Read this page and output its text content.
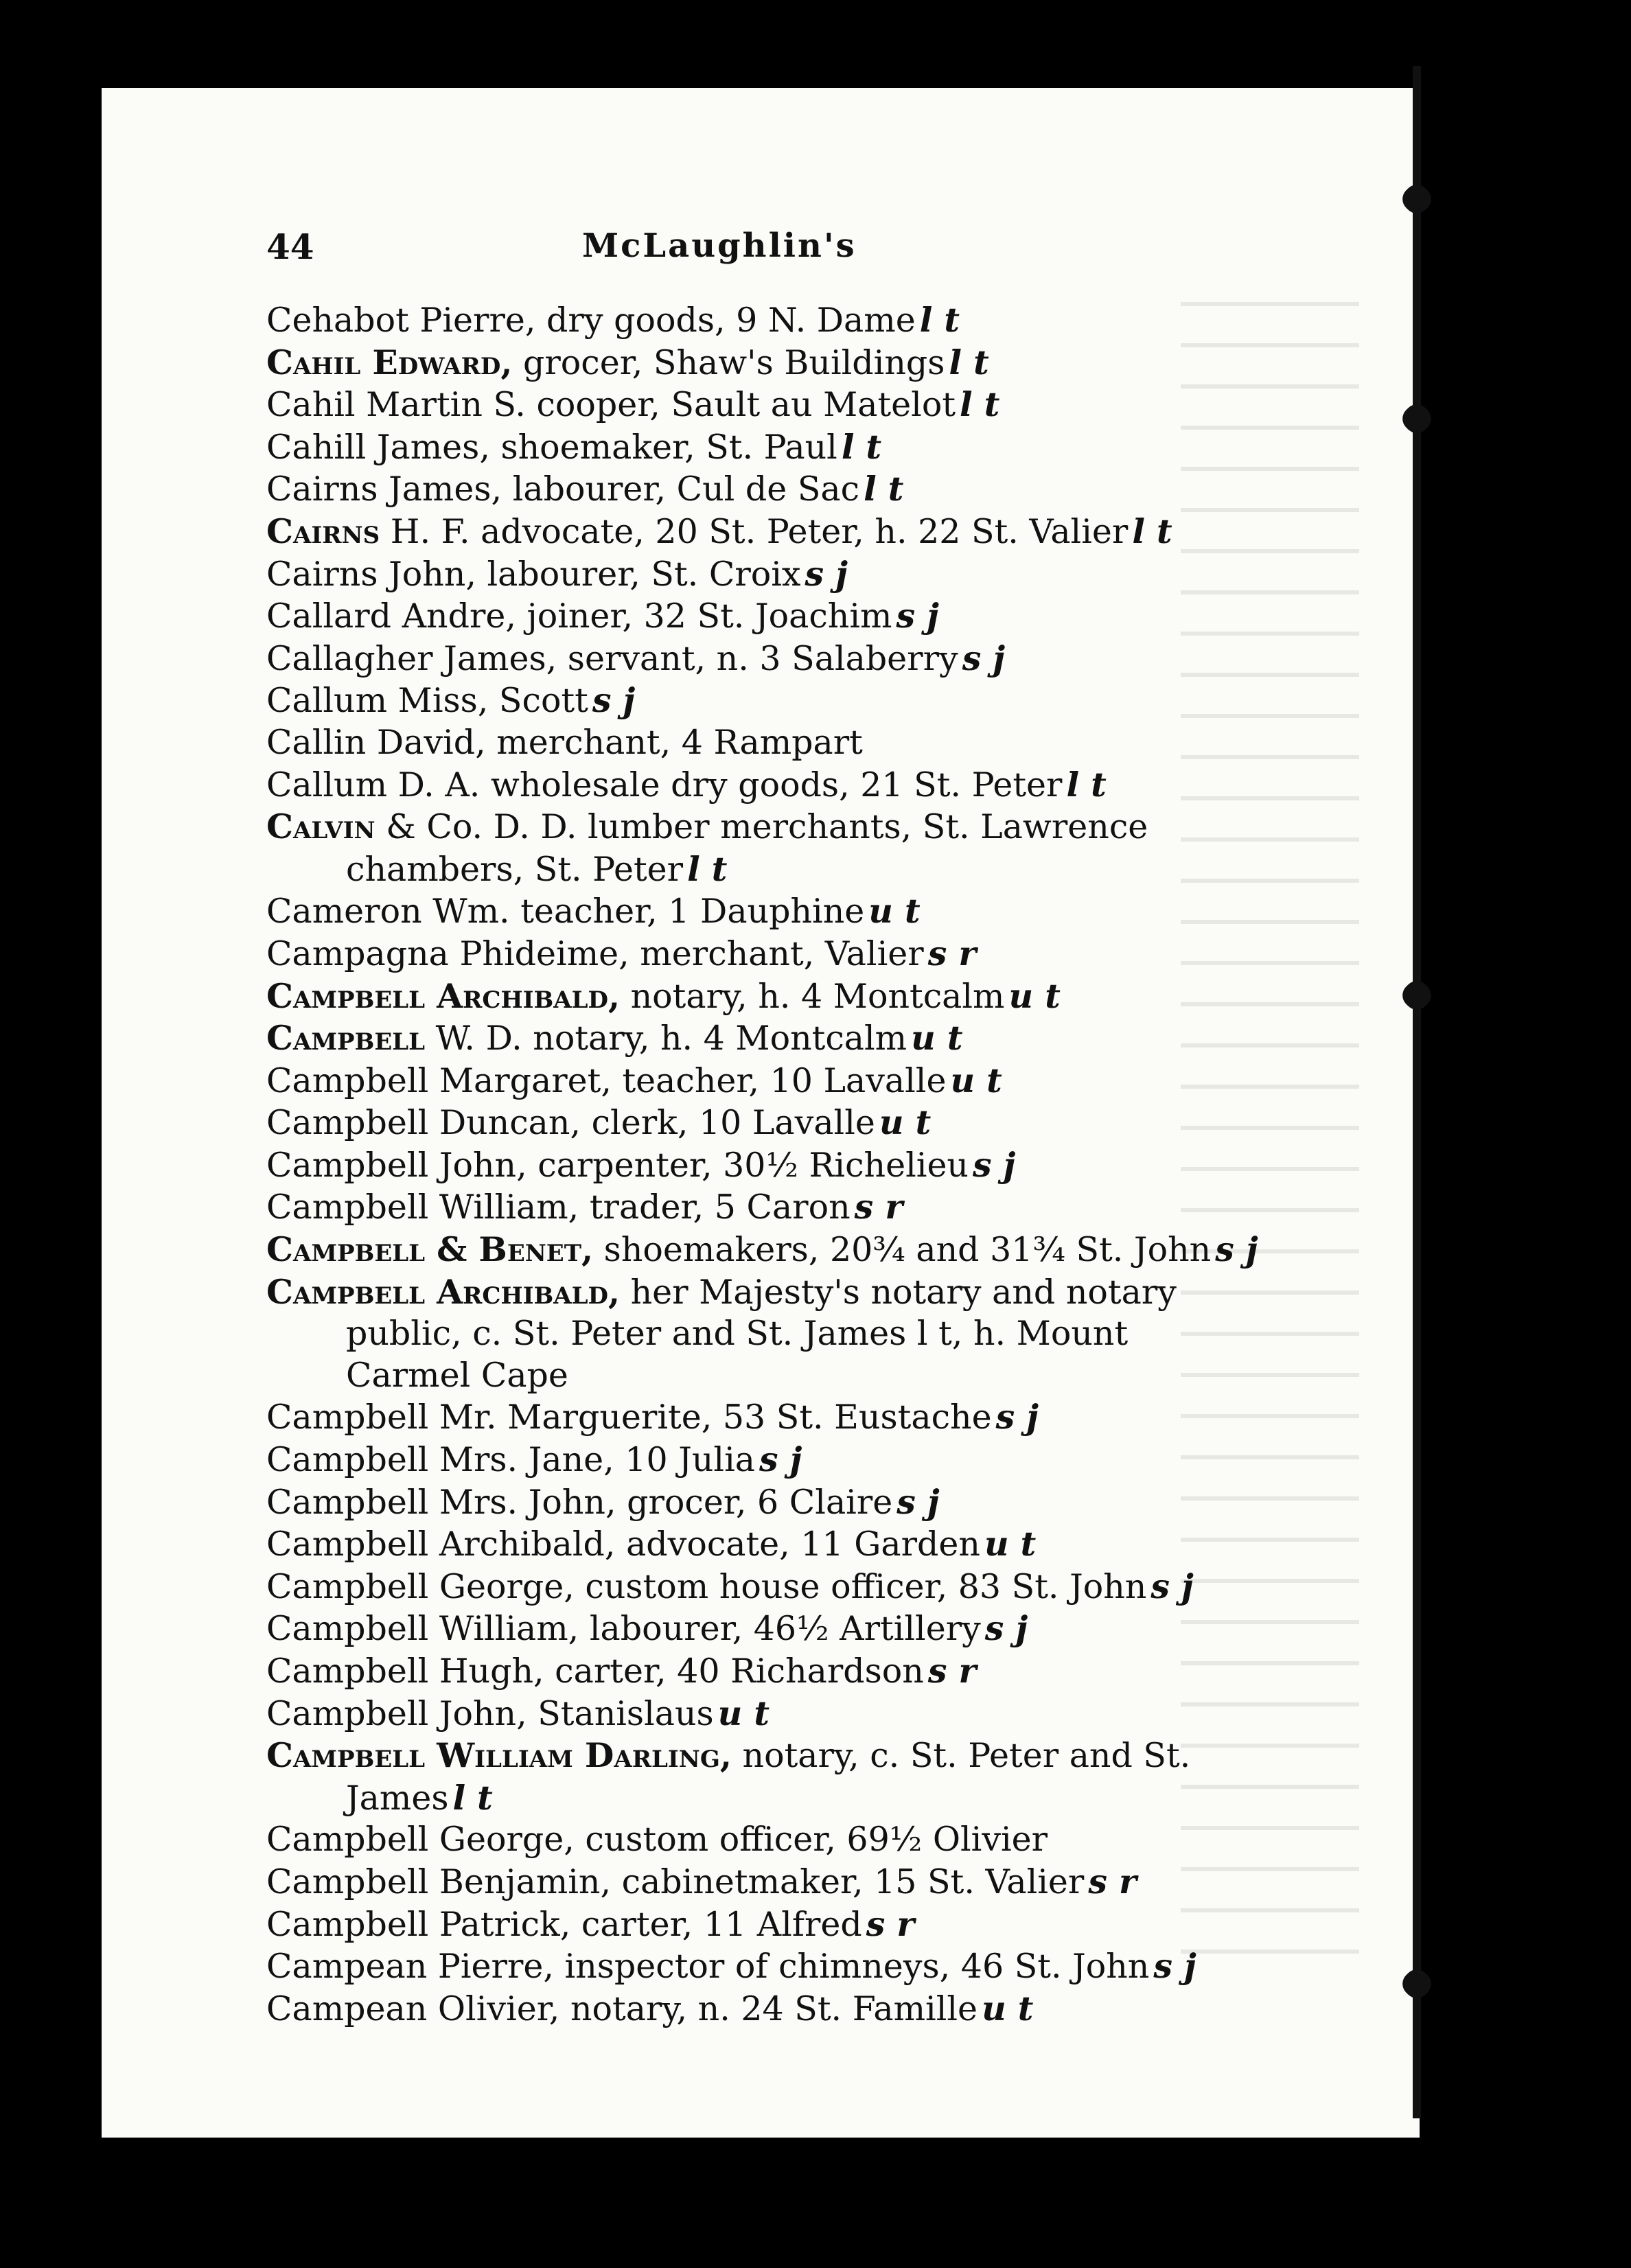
44	McLaughlin's
Cehabot Pierre, dry goods, 9 N. Dame l t
Cahil Edward, grocer, Shaw's Buildings l t
Cahil Martin S. cooper, Sault au Matelot l t
Cahill James, shoemaker, St. Paul l t
Cairns James, labourer, Cul de Sac l t
Cairns H. F. advocate, 20 St. Peter, h. 22 St. Valier l t
Cairns John, labourer, St. Croix s j
Callard Andre, joiner, 32 St. Joachim s j
Callagher James, servant, n. 3 Salaberry s j
Callum Miss, Scott s j
Callin David, merchant, 4 Rampart
Callum D. A. wholesale dry goods, 21 St. Peter l t
Calvin & Co. D. D. lumber merchants, St. Lawrence
chambers, St. Peter l t
Cameron Wm. teacher, 1 Dauphine u t
Campagna Phideime, merchant, Valier s r
Campbell Archibald, notary, h. 4 Montcalm u t
Campbell W. D. notary, h. 4 Montcalm u t
Campbell Margaret, teacher, 10 Lavalle u t
Campbell Duncan, clerk, 10 Lavalle u t
Campbell John, carpenter, 30½ Richelieu s j
Campbell William, trader, 5 Caron s r
Campbell & Benet, shoemakers, 20¾ and 31¾ St. John s j
Campbell Archibald, her Majesty's notary and notary
public, c. St. Peter and St. James l t, h. Mount
Carmel Cape
Campbell Mr. Marguerite, 53 St. Eustache s j
Campbell Mrs. Jane, 10 Julia s j
Campbell Mrs. John, grocer, 6 Claire s j
Campbell Archibald, advocate, 11 Garden u t
Campbell George, custom house officer, 83 St. John s j
Campbell William, labourer, 46½ Artillery s j
Campbell Hugh, carter, 40 Richardson s r
Campbell John, Stanislaus u t
Campbell William Darling, notary, c. St. Peter and St.
James l t
Campbell George, custom officer, 69½ Olivier
Campbell Benjamin, cabinetmaker, 15 St. Valier s r
Campbell Patrick, carter, 11 Alfred s r
Campean Pierre, inspector of chimneys, 46 St. John s j
Campean Olivier, notary, n. 24 St. Famille u t
